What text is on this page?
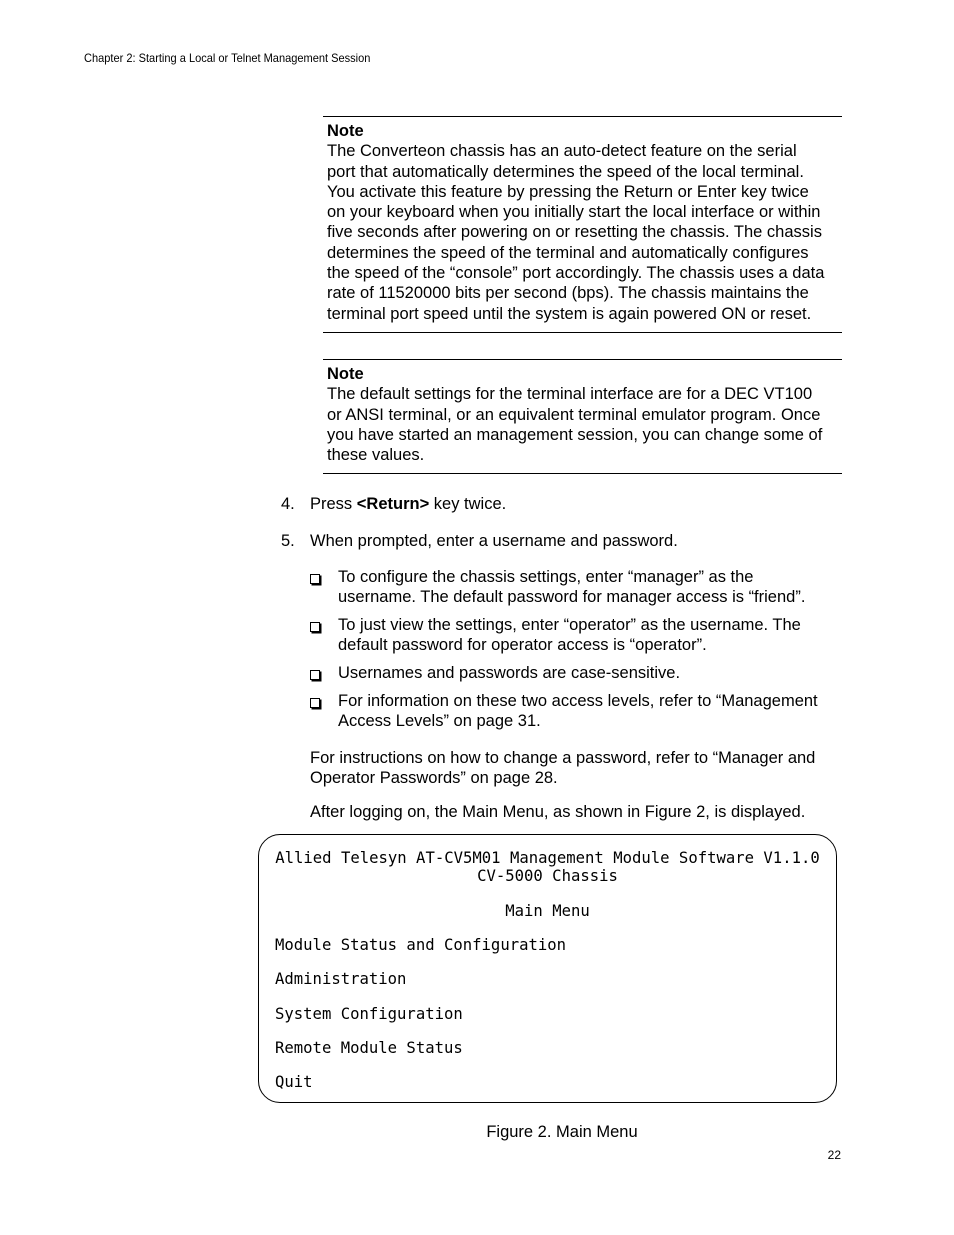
Chapter 2: Starting a Local or Telnet Management Session
Note
The Converteon chassis has an auto-detect feature on the serial
port that automatically determines the speed of the local terminal.
You activate this feature by pressing the Return or Enter key twice
on your keyboard when you initially start the local interface or within
five seconds after powering on or resetting the chassis. The chassis
determines the speed of the terminal and automatically configures
the speed of the “console” port accordingly. The chassis uses a data
rate of 11520000 bits per second (bps). The chassis maintains the
terminal port speed until the system is again powered ON or reset.
Note
The default settings for the terminal interface are for a DEC VT100
or ANSI terminal, or an equivalent terminal emulator program. Once
you have started an management session, you can change some of
these values.
4. Press <Return> key twice.
5. When prompted, enter a username and password.
To configure the chassis settings, enter “manager” as the
username. The default password for manager access is “friend”.
To just view the settings, enter “operator” as the username. The
default password for operator access is “operator”.
Usernames and passwords are case-sensitive.
For information on these two access levels, refer to “Management
Access Levels” on page 31.
For instructions on how to change a password, refer to “Manager and
Operator Passwords” on page 28.
After logging on, the Main Menu, as shown in Figure 2, is displayed.
Allied Telesyn AT-CV5M01 Management Module Software V1.1.0
CV-5000 Chassis
Main Menu
Module Status and Configuration
Administration
System Configuration
Remote Module Status
Quit
Figure 2. Main Menu
22
